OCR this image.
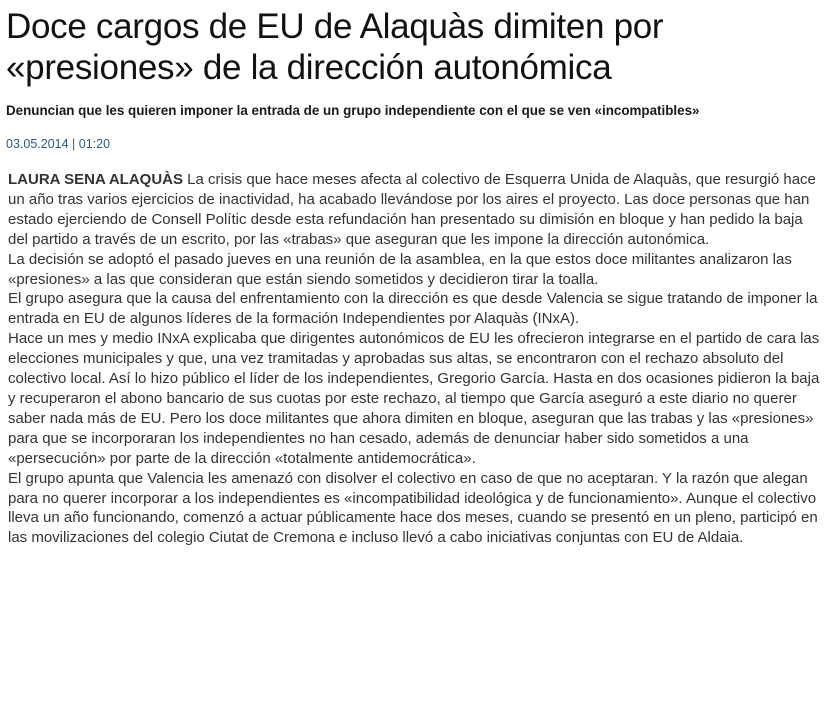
Doce cargos de EU de Alaquàs dimiten por «presiones» de la dirección autonómica
Denuncian que les quieren imponer la entrada de un grupo independiente con el que se ven «incompatibles»
03.05.2014 | 01:20

LAURA SENA ALAQUÀS La crisis que hace meses afecta al colectivo de Esquerra Unida de Alaquàs, que resurgió hace un año tras varios ejercicios de inactividad, ha acabado llevándose por los aires el proyecto. Las doce personas que han estado ejerciendo de Consell Polític desde esta refundación han presentado su dimisión en bloque y han pedido la baja del partido a través de un escrito, por las «trabas» que aseguran que les impone la dirección autonómica.

La decisión se adoptó el pasado jueves en una reunión de la asamblea, en la que estos doce militantes analizaron las «presiones» a las que consideran que están siendo sometidos y decidieron tirar la toalla.

El grupo asegura que la causa del enfrentamiento con la dirección es que desde Valencia se sigue tratando de imponer la entrada en EU de algunos líderes de la formación Independientes por Alaquàs (INxA).

Hace un mes y medio INxA explicaba que dirigentes autonómicos de EU les ofrecieron integrarse en el partido de cara las elecciones municipales y que, una vez tramitadas y aprobadas sus altas, se encontraron con el rechazo absoluto del colectivo local. Así lo hizo público el líder de los independientes, Gregorio García. Hasta en dos ocasiones pidieron la baja y recuperaron el abono bancario de sus cuotas por este rechazo, al tiempo que García aseguró a este diario no querer saber nada más de EU. Pero los doce militantes que ahora dimiten en bloque, aseguran que las trabas y las «presiones» para que se incorporaran los independientes no han cesado, además de denunciar haber sido sometidos a una «persecución» por parte de la dirección «totalmente antidemocrática».

El grupo apunta que Valencia les amenazó con disolver el colectivo en caso de que no aceptaran. Y la razón que alegan para no querer incorporar a los independientes es «incompatibilidad ideológica y de funcionamiento». Aunque el colectivo lleva un año funcionando, comenzó a actuar públicamente hace dos meses, cuando se presentó en un pleno, participó en las movilizaciones del colegio Ciutat de Cremona e incluso llevó a cabo iniciativas conjuntas con EU de Aldaia.
